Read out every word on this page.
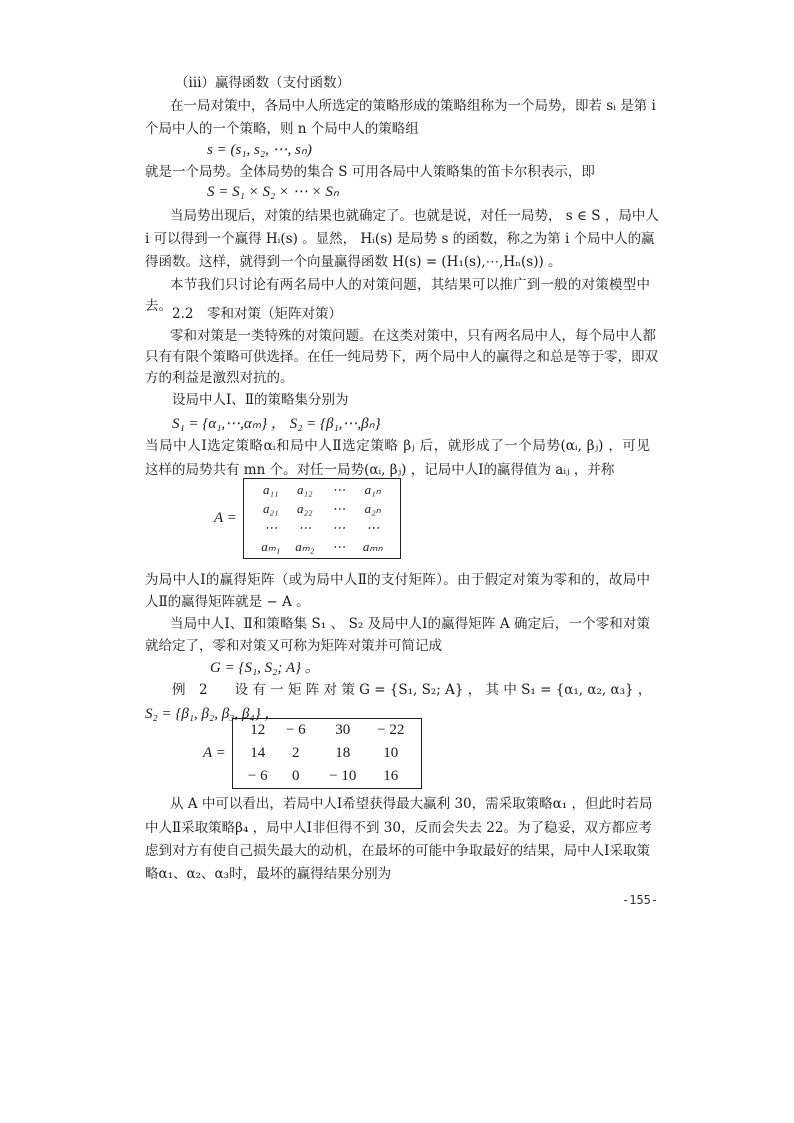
（ⅲ）赢得函数（支付函数）
在一局对策中，各局中人所选定的策略形成的策略组称为一个局势，即若 sᵢ 是第 i
个局中人的一个策略，则 n 个局中人的策略组
s = (s₁, s₂, ⋯, sₙ)
就是一个局势。全体局势的集合 S 可用各局中人策略集的笛卡尔积表示，即
S = S₁ × S₂ × ⋯ × Sₙ
当局势出现后，对策的结果也就确定了。也就是说，对任一局势， s ∈ S ，局中人
i 可以得到一个赢得 Hᵢ(s) 。显然， Hᵢ(s) 是局势 s 的函数，称之为第 i 个局中人的赢
得函数。这样，就得到一个向量赢得函数 H(s) = (H₁(s),⋯,Hₙ(s)) 。
本节我们只讨论有两名局中人的对策问题，其结果可以推广到一般的对策模型中
去。 2.2　零和对策（矩阵对策）
零和对策是一类特殊的对策问题。在这类对策中，只有两名局中人，每个局中人都
只有有限个策略可供选择。在任一纯局势下，两个局中人的赢得之和总是等于零，即双
方的利益是激烈对抗的。
设局中人Ⅰ、Ⅱ的策略集分别为
S₁ = {α₁,⋯,αₘ} ， S₂ = {β₁,⋯,βₙ}
当局中人Ⅰ选定策略αᵢ和局中人Ⅱ选定策略 βⱼ 后，就形成了一个局势(αᵢ, βⱼ) ，可见
这样的局势共有 mn 个。对任一局势(αᵢ, βⱼ) ，记局中人Ⅰ的赢得值为 aᵢⱼ ，并称
A =
a₁₁	a₁₂	⋯	a₁ₙ
a₂₁	a₂₂	⋯	a₂ₙ
⋯	⋯	⋯	⋯
aₘ₁	aₘ₂	⋯	aₘₙ
为局中人Ⅰ的赢得矩阵（或为局中人Ⅱ的支付矩阵）。由于假定对策为零和的，故局中
人Ⅱ的赢得矩阵就是 − A 。
当局中人Ⅰ、Ⅱ和策略集 S₁ 、 S₂ 及局中人Ⅰ的赢得矩阵 A 确定后，一个零和对策
就给定了，零和对策又可称为矩阵对策并可简记成
G = {S₁, S₂; A} 。
例　2　　设 有 一 矩 阵 对 策 G = {S₁, S₂; A} ， 其 中 S₁ = {α₁, α₂, α₃} ，
S₂ = {β₁, β₂, β₃, β₄} ，
A =
12	− 6	30	− 22
14	2	18	10
− 6	0	− 10	16
从 A 中可以看出，若局中人Ⅰ希望获得最大赢利 30，需采取策略α₁ ，但此时若局
中人Ⅱ采取策略β₄ ，局中人Ⅰ非但得不到 30，反而会失去 22。为了稳妥，双方都应考
虑到对方有使自己损失最大的动机，在最坏的可能中争取最好的结果，局中人Ⅰ采取策
略α₁、α₂、α₃时，最坏的赢得结果分别为
-155-
